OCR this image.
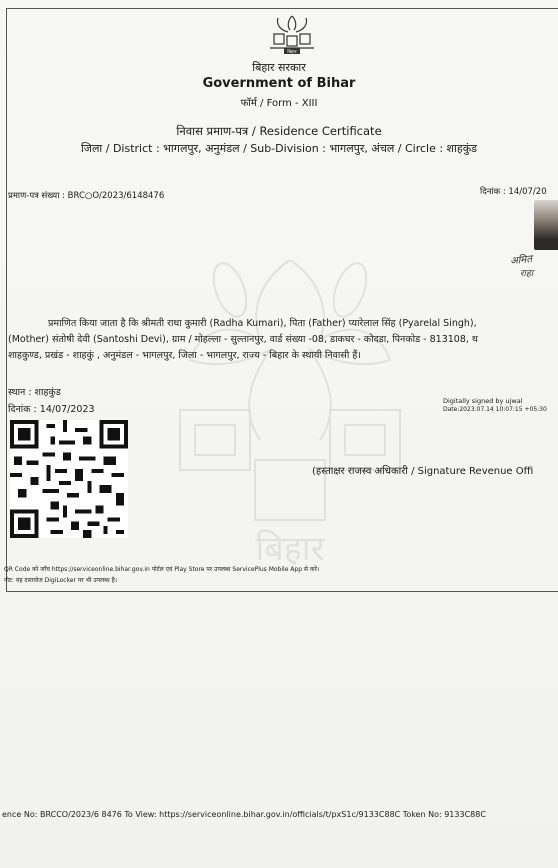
बिहार
बिहार
बिहार सरकार
Government of Bihar
फॉर्म / Form - XIII
निवास प्रमाण-पत्र / Residence Certificate
जिला / District : भागलपुर, अनुमंडल / Sub-Division : भागलपुर, अंचल / Circle : शाहकुंड
प्रमाण-पत्र संख्या : BRC○O/2023/6148476	दिनांक : 14/07/20
अमित
राहा
प्रमाणित किया जाता है कि श्रीमती राधा कुमारी (Radha Kumari), पिता (Father) प्यारेलाल सिंह (Pyarelal Singh),
(Mother) संतोषी देवी (Santoshi Devi), ग्राम / मोहल्ला - सुल्तानपुर, वार्ड संख्या -08, डाकघर - कोदडा, पिनकोड - 813108, थ
शाहकुण्ड, प्रखंड - शाहकुं , अनुमंडल - भागलपुर, जिला - भागलपुर, राज्य - बिहार के स्थायी निवासी हैं।
स्थान : शाहकुंड
दिनांक : 14/07/2023
Digitally signed by ujwal
Date:2023.07.14 10:07:15 +05:30
(हस्ताक्षर राजस्व अधिकारी / Signature Revenue Offi
QR Code को जाँच https://serviceonline.bihar.gov.in पोर्टल एवं Play Store पर उपलब्ध ServicePlus Mobile App से करें।
नोट: यह दस्तावेज DigiLocker पर भी उपलब्ध है।
ence No: BRCCO/2023/6 8476 To View: https://serviceonline.bihar.gov.in/officials/t/pxS1c/9133C88C Token No: 9133C88C
